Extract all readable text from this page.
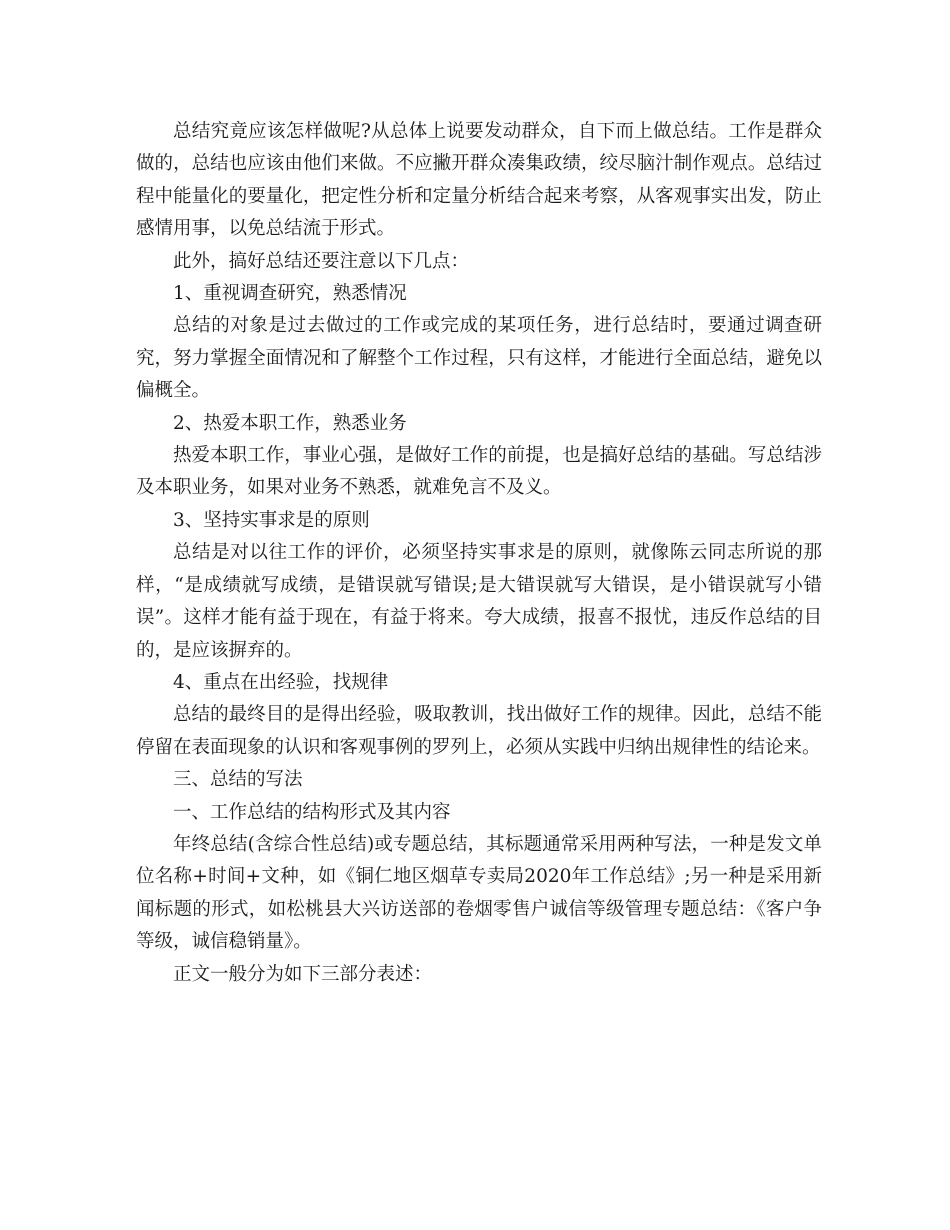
总结究竟应该怎样做呢?从总体上说要发动群众，自下而上做总结。工作是群众做的，总结也应该由他们来做。不应撇开群众凑集政绩，绞尽脑汁制作观点。总结过程中能量化的要量化，把定性分析和定量分析结合起来考察，从客观事实出发，防止感情用事，以免总结流于形式。

此外，搞好总结还要注意以下几点：

1、重视调查研究，熟悉情况

总结的对象是过去做过的工作或完成的某项任务，进行总结时，要通过调查研究，努力掌握全面情况和了解整个工作过程，只有这样，才能进行全面总结，避免以偏概全。

2、热爱本职工作，熟悉业务

热爱本职工作，事业心强，是做好工作的前提，也是搞好总结的基础。写总结涉及本职业务，如果对业务不熟悉，就难免言不及义。

3、坚持实事求是的原则

总结是对以往工作的评价，必须坚持实事求是的原则，就像陈云同志所说的那样，“是成绩就写成绩，是错误就写错误;是大错误就写大错误，是小错误就写小错误”。这样才能有益于现在，有益于将来。夸大成绩，报喜不报忧，违反作总结的目的，是应该摒弃的。

4、重点在出经验，找规律

总结的最终目的是得出经验，吸取教训，找出做好工作的规律。因此，总结不能停留在表面现象的认识和客观事例的罗列上，必须从实践中归纳出规律性的结论来。

三、总结的写法

一、工作总结的结构形式及其内容

年终总结(含综合性总结)或专题总结，其标题通常采用两种写法，一种是发文单位名称+时间+文种，如《铜仁地区烟草专卖局2020年工作总结》;另一种是采用新闻标题的形式，如松桃县大兴访送部的卷烟零售户诚信等级管理专题总结：《客户争等级，诚信稳销量》。

正文一般分为如下三部分表述：
